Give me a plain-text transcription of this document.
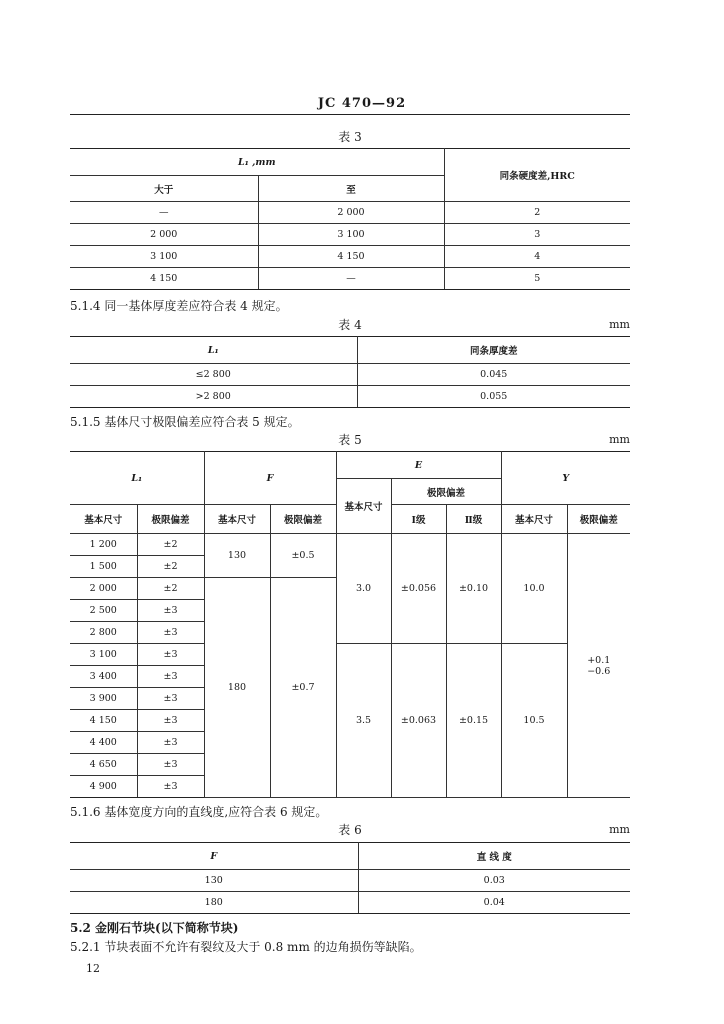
JC 470—92
表 3
L₁ ,mm		同条硬度差,HRC
大于	至	
—	2 000	2
2 000	3 100	3
3 100	4 150	4
4 150	—	5
5.1.4 同一基体厚度差应符合表 4 规定。
表 4	mm
L₁	同条厚度差
≤2 800	0.045
>2 800	0.055
5.1.5 基体尺寸极限偏差应符合表 5 规定。
表 5	mm
L₁		F		E			Y	
				基本尺寸	极限偏差			
基本尺寸	极限偏差	基本尺寸	极限偏差		Ⅰ级	Ⅱ级	基本尺寸	极限偏差
1 200	±2	130	±0.5	3.0	±0.056	±0.10	10.0	+0.1
−0.6

1 500	±2							
2 000	±2	180	±0.7					
2 500	±3							
2 800	±3							
3 100	±3			3.5	±0.063	±0.15	10.5	
3 400	±3							
3 900	±3							
4 150	±3							
4 400	±3							
4 650	±3							
4 900	±3							
5.1.6 基体宽度方向的直线度,应符合表 6 规定。
表 6	mm
F	直 线 度
130	0.03
180	0.04
5.2 金刚石节块(以下简称节块)
5.2.1 节块表面不允许有裂纹及大于 0.8 mm 的边角损伤等缺陷。
12
